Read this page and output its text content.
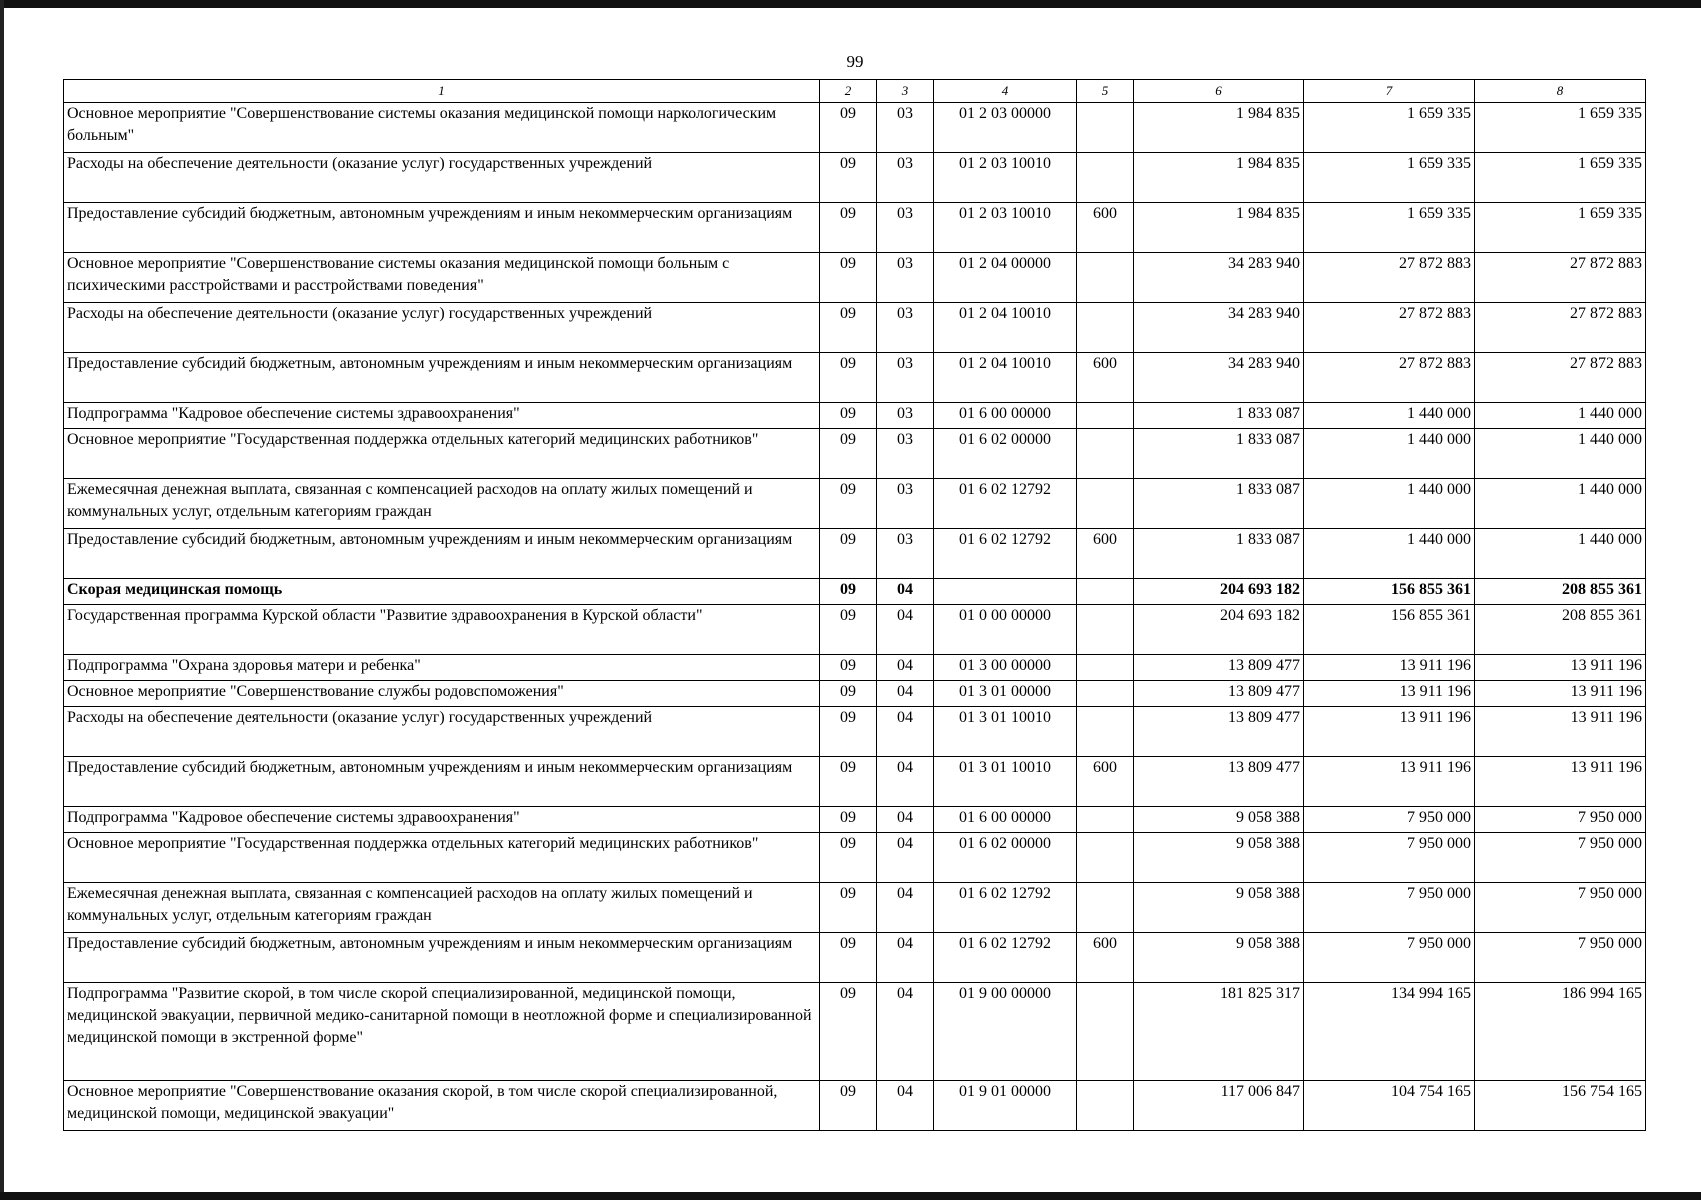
99
1	2	3	4	5	6	7	8
Основное мероприятие "Совершенствование системы оказания медицинской помощи наркологическим больным"	09	03	01 2 03 00000		1 984 835	1 659 335	1 659 335
Расходы на обеспечение деятельности (оказание услуг) государственных учреждений	09	03	01 2 03 10010		1 984 835	1 659 335	1 659 335
Предоставление субсидий бюджетным, автономным учреждениям и иным некоммерческим организациям	09	03	01 2 03 10010	600	1 984 835	1 659 335	1 659 335
Основное мероприятие "Совершенствование системы оказания медицинской помощи больным с психическими расстройствами и расстройствами поведения"	09	03	01 2 04 00000		34 283 940	27 872 883	27 872 883
Расходы на обеспечение деятельности (оказание услуг) государственных учреждений	09	03	01 2 04 10010		34 283 940	27 872 883	27 872 883
Предоставление субсидий бюджетным, автономным учреждениям и иным некоммерческим организациям	09	03	01 2 04 10010	600	34 283 940	27 872 883	27 872 883
Подпрограмма "Кадровое обеспечение системы здравоохранения"	09	03	01 6 00 00000		1 833 087	1 440 000	1 440 000
Основное мероприятие "Государственная поддержка отдельных категорий медицинских работников"	09	03	01 6 02 00000		1 833 087	1 440 000	1 440 000
Ежемесячная денежная выплата, связанная с компенсацией расходов на оплату жилых помещений и коммунальных услуг, отдельным категориям граждан	09	03	01 6 02 12792		1 833 087	1 440 000	1 440 000
Предоставление субсидий бюджетным, автономным учреждениям и иным некоммерческим организациям	09	03	01 6 02 12792	600	1 833 087	1 440 000	1 440 000
Скорая медицинская помощь	09	04			204 693 182	156 855 361	208 855 361
Государственная программа Курской области "Развитие здравоохранения в Курской области"	09	04	01 0 00 00000		204 693 182	156 855 361	208 855 361
Подпрограмма "Охрана здоровья матери и ребенка"	09	04	01 3 00 00000		13 809 477	13 911 196	13 911 196
Основное мероприятие "Совершенствование службы родовспоможения"	09	04	01 3 01 00000		13 809 477	13 911 196	13 911 196
Расходы на обеспечение деятельности (оказание услуг) государственных учреждений	09	04	01 3 01 10010		13 809 477	13 911 196	13 911 196
Предоставление субсидий бюджетным, автономным учреждениям и иным некоммерческим организациям	09	04	01 3 01 10010	600	13 809 477	13 911 196	13 911 196
Подпрограмма "Кадровое обеспечение системы здравоохранения"	09	04	01 6 00 00000		9 058 388	7 950 000	7 950 000
Основное мероприятие "Государственная поддержка отдельных категорий медицинских работников"	09	04	01 6 02 00000		9 058 388	7 950 000	7 950 000
Ежемесячная денежная выплата, связанная с компенсацией расходов на оплату жилых помещений и коммунальных услуг, отдельным категориям граждан	09	04	01 6 02 12792		9 058 388	7 950 000	7 950 000
Предоставление субсидий бюджетным, автономным учреждениям и иным некоммерческим организациям	09	04	01 6 02 12792	600	9 058 388	7 950 000	7 950 000
Подпрограмма "Развитие скорой, в том числе скорой специализированной, медицинской помощи, медицинской эвакуации, первичной медико-санитарной помощи в неотложной форме и специализированной медицинской помощи в экстренной форме"	09	04	01 9 00 00000		181 825 317	134 994 165	186 994 165
Основное мероприятие "Совершенствование оказания скорой, в том числе скорой специализированной, медицинской помощи, медицинской эвакуации"	09	04	01 9 01 00000		117 006 847	104 754 165	156 754 165
